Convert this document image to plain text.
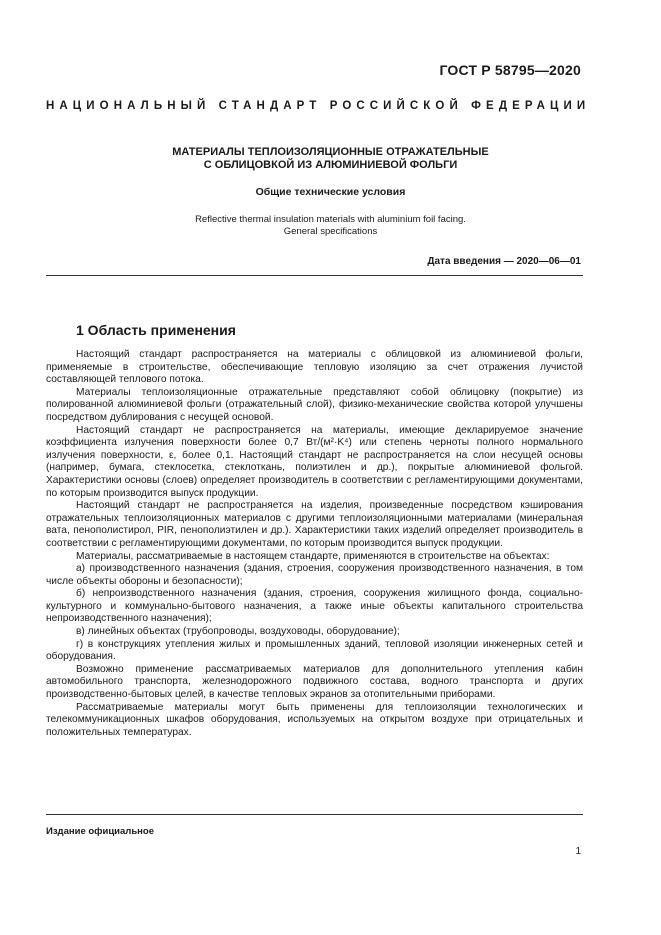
ГОСТ Р 58795—2020
НАЦИОНАЛЬНЫЙ СТАНДАРТ РОССИЙСКОЙ ФЕДЕРАЦИИ
МАТЕРИАЛЫ ТЕПЛОИЗОЛЯЦИОННЫЕ ОТРАЖАТЕЛЬНЫЕ
С ОБЛИЦОВКОЙ ИЗ АЛЮМИНИЕВОЙ ФОЛЬГИ
Общие технические условия
Reflective thermal insulation materials with aluminium foil facing.
General specifications
Дата введения — 2020—06—01
1 Область применения

Настоящий стандарт распространяется на материалы с облицовкой из алюминиевой фольги, применяемые в строительстве, обеспечивающие тепловую изоляцию за счет отражения лучистой составляющей теплового потока.

Материалы теплоизоляционные отражательные представляют собой облицовку (покрытие) из полированной алюминиевой фольги (отражательный слой), физико-механические свойства которой улучшены посредством дублирования с несущей основой.

Настоящий стандарт не распространяется на материалы, имеющие декларируемое значение коэффициента излучения поверхности более 0,7 Вт/(м²·K⁴) или степень черноты полного нормального излучения поверхности, ε, более 0,1. Настоящий стандарт не распространяется на слои несущей основы (например, бумага, стеклосетка, стеклоткань, полиэтилен и др.), покрытые алюминиевой фольгой. Характеристики основы (слоев) определяет производитель в соответствии с регламентирующими документами, по которым производится выпуск продукции.

Настоящий стандарт не распространяется на изделия, произведенные посредством кэширования отражательных теплоизоляционных материалов с другими теплоизоляционными материалами (минеральная вата, пенополистирол, PIR, пенополиэтилен и др.). Характеристики таких изделий определяет производитель в соответствии с регламентирующими документами, по которым производится выпуск продукции.

Материалы, рассматриваемые в настоящем стандарте, применяются в строительстве на объектах:

а) производственного назначения (здания, строения, сооружения производственного назначения, в том числе объекты обороны и безопасности);

б) непроизводственного назначения (здания, строения, сооружения жилищного фонда, социально-культурного и коммунально-бытового назначения, а также иные объекты капитального строительства непроизводственного назначения);

в) линейных объектах (трубопроводы, воздуховоды, оборудование);

г) в конструкциях утепления жилых и промышленных зданий, тепловой изоляции инженерных сетей и оборудования.

Возможно применение рассматриваемых материалов для дополнительного утепления кабин автомобильного транспорта, железнодорожного подвижного состава, водного транспорта и других производственно-бытовых целей, в качестве тепловых экранов за отопительными приборами.

Рассматриваемые материалы могут быть применены для теплоизоляции технологических и телекоммуникационных шкафов оборудования, используемых на открытом воздухе при отрицательных и положительных температурах.

Издание официальное
1
